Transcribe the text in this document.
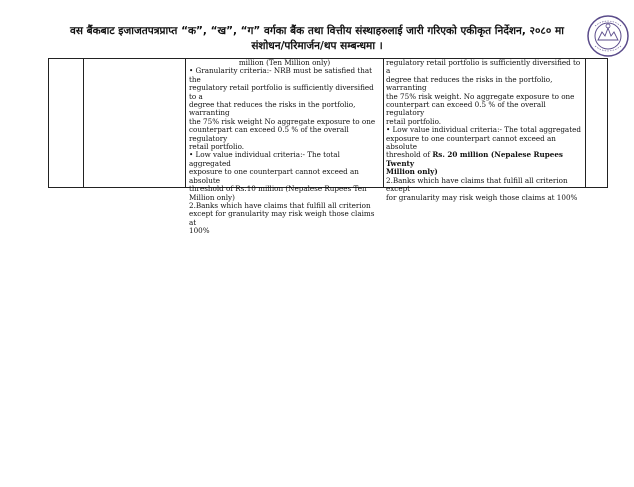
वस बैंकबाट इजाजतपत्रप्राप्त “क”, “ख”, “ग” वर्गका बैंक तथा वित्तीय संस्थाहरुलाई जारी गरिएको एकीकृत निर्देशन, २०८० मा
संशोधन/परिमार्जन/थप सम्बन्धमा ।

million (Ten Million only)

• Granularity criteria:- NRB must be satisfied that the

regulatory retail portfolio is sufficiently diversified to a

degree that reduces the risks in the portfolio, warranting

the 75% risk weight No aggregate exposure to one

counterpart can exceed 0.5 % of the overall regulatory

retail portfolio.

• Low value individual criteria:- The total aggregated

exposure to one counterpart cannot exceed an absolute

threshold of Rs.10 million (Nepalese Rupees Ten

Million only)

2.Banks which have claims that fulfill all criterion

except for granularity may risk weigh those claims at

100%

regulatory retail portfolio is sufficiently diversified to a

degree that reduces the risks in the portfolio, warranting

the 75% risk weight. No aggregate exposure to one

counterpart can exceed 0.5 % of the overall regulatory

retail portfolio.

• Low value individual criteria:- The total aggregated

exposure to one counterpart cannot exceed an absolute

threshold of Rs. 20 million (Nepalese Rupees Twenty

Million only)

2.Banks which have claims that fulfill all criterion except

for granularity may risk weigh those claims at 100%
